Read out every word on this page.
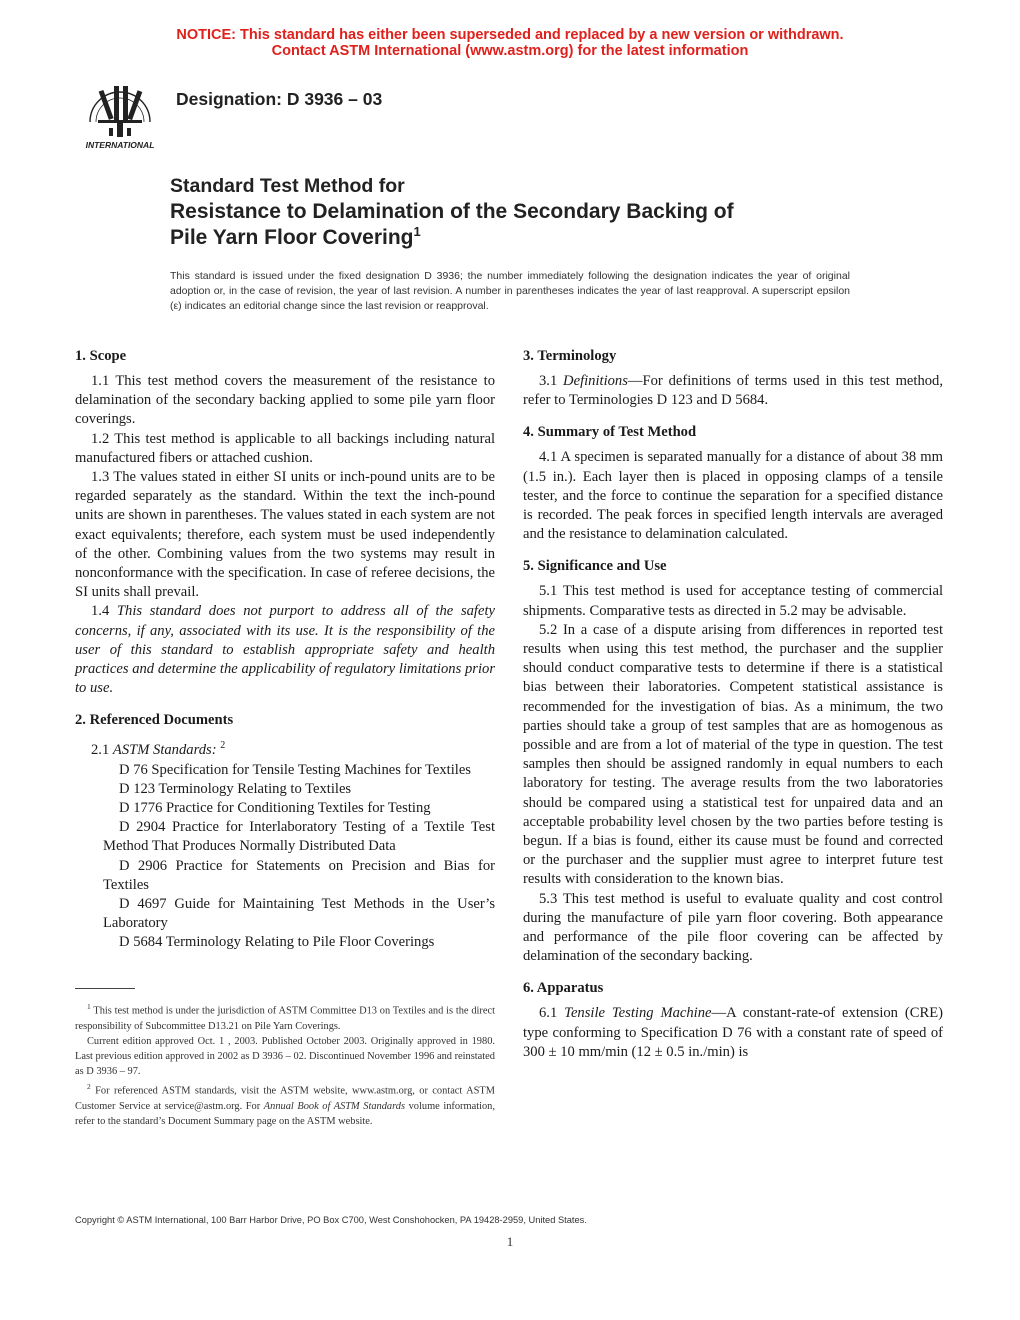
NOTICE: This standard has either been superseded and replaced by a new version or withdrawn.
Contact ASTM International (www.astm.org) for the latest information
INTERNATIONAL
Designation: D 3936 – 03
Standard Test Method for
Resistance to Delamination of the Secondary Backing of
Pile Yarn Floor Covering$^1$
This standard is issued under the fixed designation D 3936; the number immediately following the designation indicates the year of original adoption or, in the case of revision, the year of last revision. A number in parentheses indicates the year of last reapproval. A superscript epsilon (ε) indicates an editorial change since the last revision or reapproval.
1. Scope

1.1 This test method covers the measurement of the resistance to delamination of the secondary backing applied to some pile yarn floor coverings.

1.2 This test method is applicable to all backings including natural manufactured fibers or attached cushion.

1.3 The values stated in either SI units or inch-pound units are to be regarded separately as the standard. Within the text the inch-pound units are shown in parentheses. The values stated in each system are not exact equivalents; therefore, each system must be used independently of the other. Combining values from the two systems may result in nonconformance with the specification. In case of referee decisions, the SI units shall prevail.

1.4 This standard does not purport to address all of the safety concerns, if any, associated with its use. It is the responsibility of the user of this standard to establish appropriate safety and health practices and determine the applicability of regulatory limitations prior to use.

2. Referenced Documents

2.1 ASTM Standards: $^2$

D 76 Specification for Tensile Testing Machines for Textiles

D 123 Terminology Relating to Textiles

D 1776 Practice for Conditioning Textiles for Testing

D 2904 Practice for Interlaboratory Testing of a Textile Test Method That Produces Normally Distributed Data

D 2906 Practice for Statements on Precision and Bias for Textiles

D 4697 Guide for Maintaining Test Methods in the User’s Laboratory

D 5684 Terminology Relating to Pile Floor Coverings

3. Terminology

3.1 Definitions—For definitions of terms used in this test method, refer to Terminologies D 123 and D 5684.

4. Summary of Test Method

4.1 A specimen is separated manually for a distance of about 38 mm (1.5 in.). Each layer then is placed in opposing clamps of a tensile tester, and the force to continue the separation for a specified distance is recorded. The peak forces in specified length intervals are averaged and the resistance to delamination calculated.

5. Significance and Use

5.1 This test method is used for acceptance testing of commercial shipments. Comparative tests as directed in 5.2 may be advisable.

5.2 In a case of a dispute arising from differences in reported test results when using this test method, the purchaser and the supplier should conduct comparative tests to determine if there is a statistical bias between their laboratories. Competent statistical assistance is recommended for the investigation of bias. As a minimum, the two parties should take a group of test samples that are as homogenous as possible and are from a lot of material of the type in question. The test samples then should be assigned randomly in equal numbers to each laboratory for testing. The average results from the two laboratories should be compared using a statistical test for unpaired data and an acceptable probability level chosen by the two parties before testing is begun. If a bias is found, either its cause must be found and corrected or the purchaser and the supplier must agree to interpret future test results with consideration to the known bias.

5.3 This test method is useful to evaluate quality and cost control during the manufacture of pile yarn floor covering. Both appearance and performance of the pile floor covering can be affected by delamination of the secondary backing.

6. Apparatus

6.1 Tensile Testing Machine—A constant-rate-of extension (CRE) type conforming to Specification D 76 with a constant rate of speed of 300 ± 10 mm/min (12 ± 0.5 in./min) is

$^1$ This test method is under the jurisdiction of ASTM Committee D13 on Textiles and is the direct responsibility of Subcommittee D13.21 on Pile Yarn Coverings.

Current edition approved Oct. 1 , 2003. Published October 2003. Originally approved in 1980. Last previous edition approved in 2002 as D 3936 – 02. Discontinued November 1996 and reinstated as D 3936 – 97.

$^2$ For referenced ASTM standards, visit the ASTM website, www.astm.org, or contact ASTM Customer Service at service@astm.org. For Annual Book of ASTM Standards volume information, refer to the standard’s Document Summary page on the ASTM website.

Copyright © ASTM International, 100 Barr Harbor Drive, PO Box C700, West Conshohocken, PA 19428-2959, United States.
1
